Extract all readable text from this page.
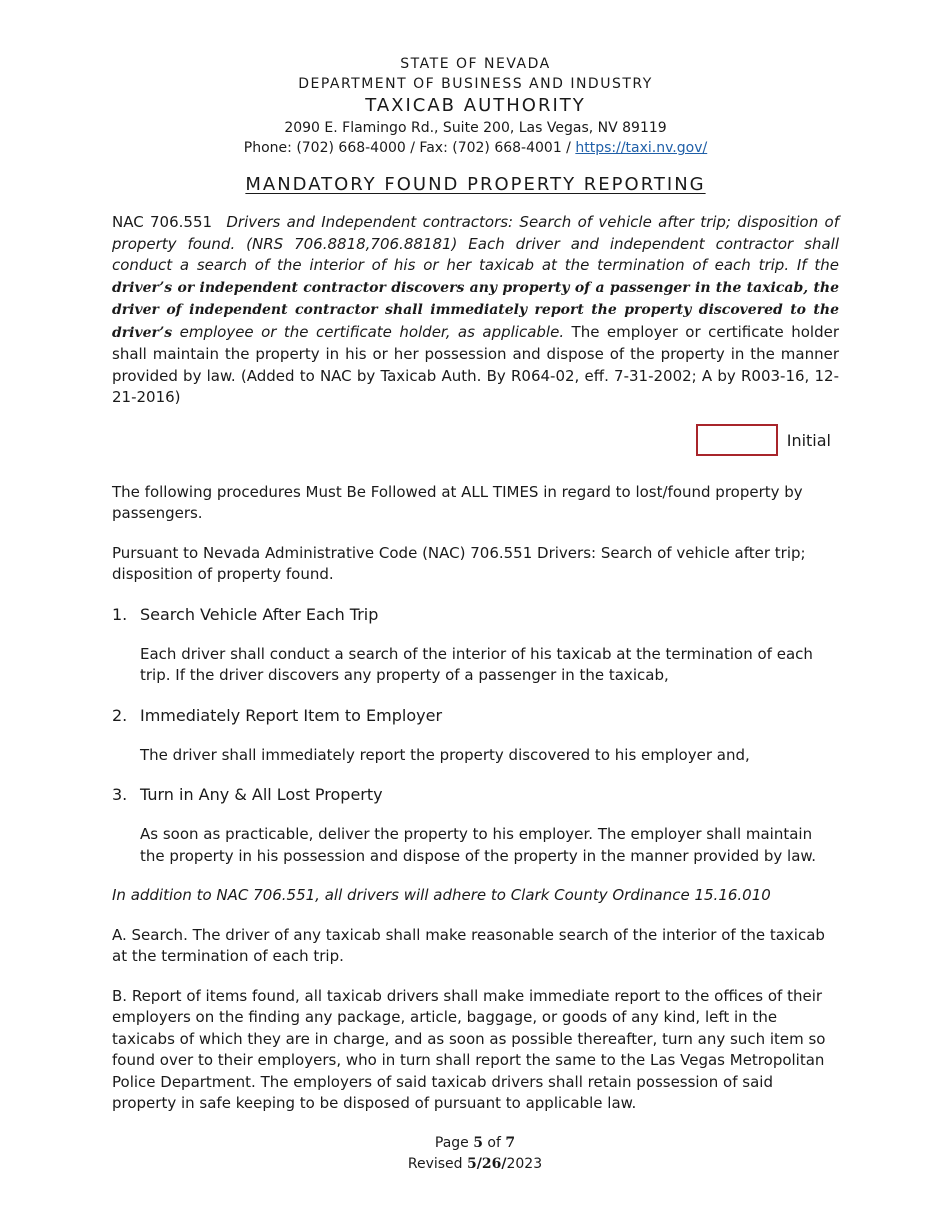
STATE OF NEVADA
DEPARTMENT OF BUSINESS AND INDUSTRY
TAXICAB AUTHORITY
2090 E. Flamingo Rd., Suite 200, Las Vegas, NV 89119
Phone: (702) 668-4000 / Fax: (702) 668-4001 / https://taxi.nv.gov/
MANDATORY FOUND PROPERTY REPORTING

NAC 706.551 Drivers and Independent contractors: Search of vehicle after trip; disposition of property found. (NRS 706.8818,706.88181) Each driver and independent contractor shall conduct a search of the interior of his or her taxicab at the termination of each trip. If the driver’s or independent contractor discovers any property of a passenger in the taxicab, the driver of independent contractor shall immediately report the property discovered to the driver’s employee or the certificate holder, as applicable. The employer or certificate holder shall maintain the property in his or her possession and dispose of the property in the manner provided by law. (Added to NAC by Taxicab Auth. By R064-02, eff. 7-31-2002; A by R003-16, 12-21-2016)

Initial

The following procedures Must Be Followed at ALL TIMES in regard to lost/found property by passengers.

Pursuant to Nevada Administrative Code (NAC) 706.551 Drivers: Search of vehicle after trip; disposition of property found.

1. Search Vehicle After Each Trip

Each driver shall conduct a search of the interior of his taxicab at the termination of each trip. If the driver discovers any property of a passenger in the taxicab,

2. Immediately Report Item to Employer

The driver shall immediately report the property discovered to his employer and,

3. Turn in Any & All Lost Property

As soon as practicable, deliver the property to his employer. The employer shall maintain the property in his possession and dispose of the property in the manner provided by law.

In addition to NAC 706.551, all drivers will adhere to Clark County Ordinance 15.16.010

A. Search. The driver of any taxicab shall make reasonable search of the interior of the taxicab at the termination of each trip.

B. Report of items found, all taxicab drivers shall make immediate report to the offices of their employers on the finding any package, article, baggage, or goods of any kind, left in the taxicabs of which they are in charge, and as soon as possible thereafter, turn any such item so found over to their employers, who in turn shall report the same to the Las Vegas Metropolitan Police Department. The employers of said taxicab drivers shall retain possession of said property in safe keeping to be disposed of pursuant to applicable law.

Page 5 of 7
Revised 5/26/2023
